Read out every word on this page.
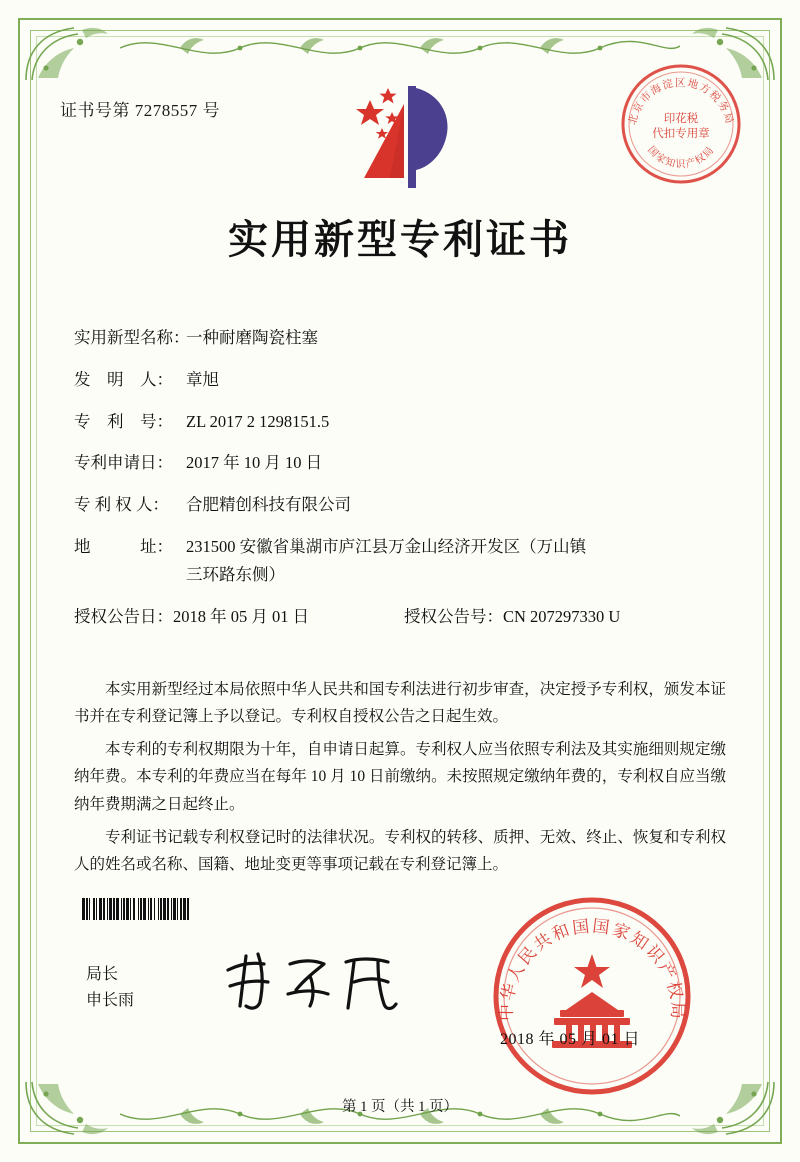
证书号第 7278557 号	北京市海淀区地方税务局
国家知识产权局
印花税
代扣专用章
实用新型专利证书
实用新型名称：
一种耐磨陶瓷柱塞
发　明　人： 章旭
专　利　号： ZL 2017 2 1298151.5
专利申请日： 2017 年 10 月 10 日
专 利 权 人：	合肥精创科技有限公司
地　　　址： 231500 安徽省巢湖市庐江县万金山经济开发区（万山镇
三环路东侧）
授权公告日：2018 年 05 月 01 日	授权公告号：CN 207297330 U

本实用新型经过本局依照中华人民共和国专利法进行初步审查，决定授予专利权，颁发本证书并在专利登记簿上予以登记。专利权自授权公告之日起生效。

本专利的专利权期限为十年，自申请日起算。专利权人应当依照专利法及其实施细则规定缴纳年费。本专利的年费应当在每年 10 月 10 日前缴纳。未按照规定缴纳年费的，专利权自应当缴纳年费期满之日起终止。

专利证书记载专利权登记时的法律状况。专利权的转移、质押、无效、终止、恢复和专利权人的姓名或名称、国籍、地址变更等事项记载在专利登记簿上。

局长
申长雨
中华人民共和国国家知识产权局
2018 年 05 月 01 日
第 1 页（共 1 页）
